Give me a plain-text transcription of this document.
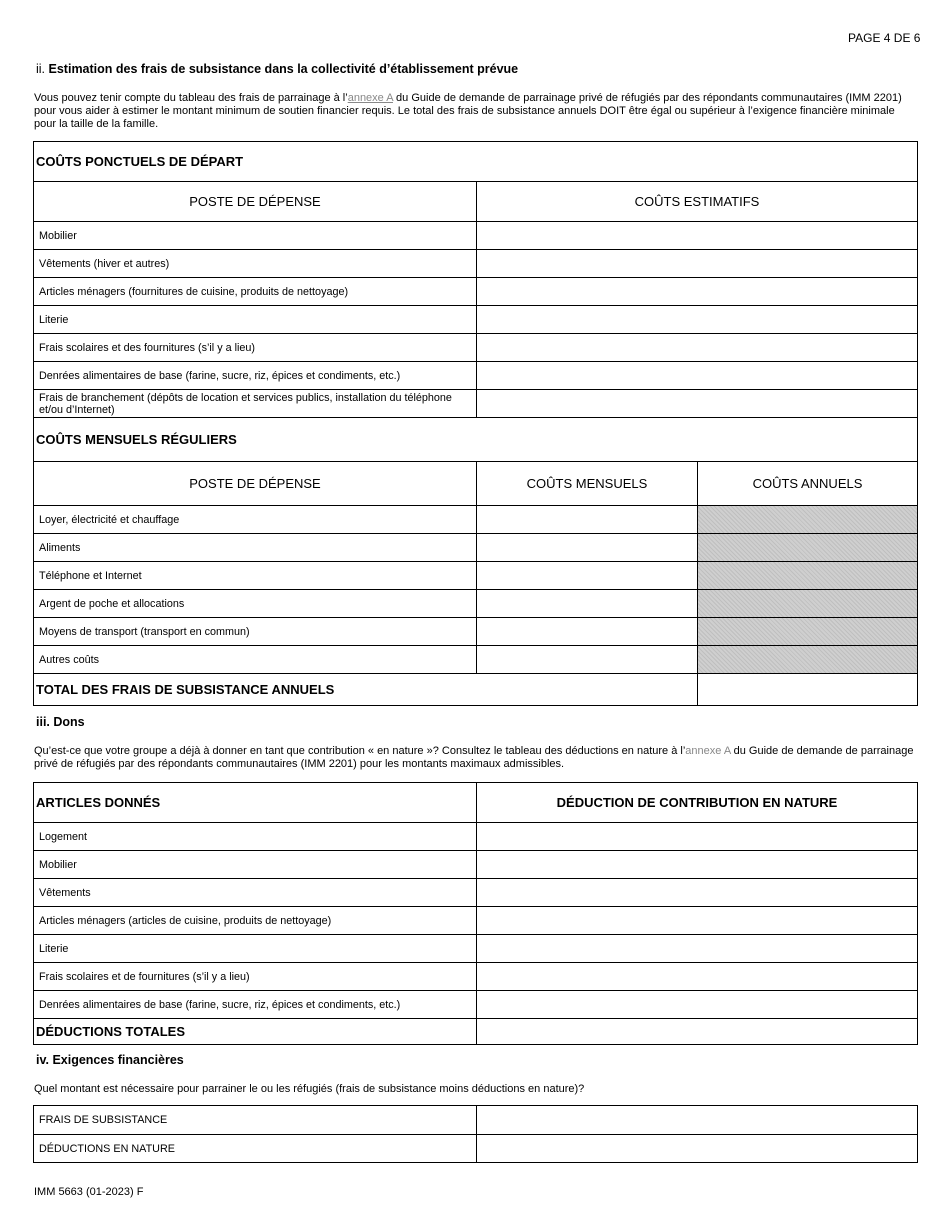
PAGE 4 DE 6
ii. Estimation des frais de subsistance dans la collectivité d’établissement prévue
Vous pouvez tenir compte du tableau des frais de parrainage à l’annexe A du Guide de demande de parrainage privé de réfugiés par des répondants communautaires (IMM 2201) pour vous aider à estimer le montant minimum de soutien financier requis. Le total des frais de subsistance annuels DOIT être égal ou supérieur à l’exigence financière minimale pour la taille de la famille.
COÛTS PONCTUELS DE DÉPART
POSTE DE DÉPENSE	COÛTS ESTIMATIFS
Mobilier
Vêtements (hiver et autres)
Articles ménagers (fournitures de cuisine, produits de nettoyage)
Literie
Frais scolaires et des fournitures (s’il y a lieu)
Denrées alimentaires de base (farine, sucre, riz, épices et condiments, etc.)
Frais de branchement (dépôts de location et services publics, installation du téléphone et/ou d’Internet)
COÛTS MENSUELS RÉGULIERS
POSTE DE DÉPENSE	COÛTS MENSUELS	COÛTS ANNUELS
Loyer, électricité et chauffage
Aliments
Téléphone et Internet
Argent de poche et allocations
Moyens de transport (transport en commun)
Autres coûts
TOTAL DES FRAIS DE SUBSISTANCE ANNUELS
iii. Dons
Qu’est-ce que votre groupe a déjà à donner en tant que contribution « en nature »? Consultez le tableau des déductions en nature à l’annexe A du Guide de demande de parrainage privé de réfugiés par des répondants communautaires (IMM 2201) pour les montants maximaux admissibles.
ARTICLES DONNÉS	DÉDUCTION DE CONTRIBUTION EN NATURE
Logement
Mobilier
Vêtements
Articles ménagers (articles de cuisine, produits de nettoyage)
Literie
Frais scolaires et de fournitures (s’il y a lieu)
Denrées alimentaires de base (farine, sucre, riz, épices et condiments, etc.)
DÉDUCTIONS TOTALES
iv. Exigences financières
Quel montant est nécessaire pour parrainer le ou les réfugiés (frais de subsistance moins déductions en nature)?
FRAIS DE SUBSISTANCE
DÉDUCTIONS EN NATURE
IMM 5663 (01-2023) F
